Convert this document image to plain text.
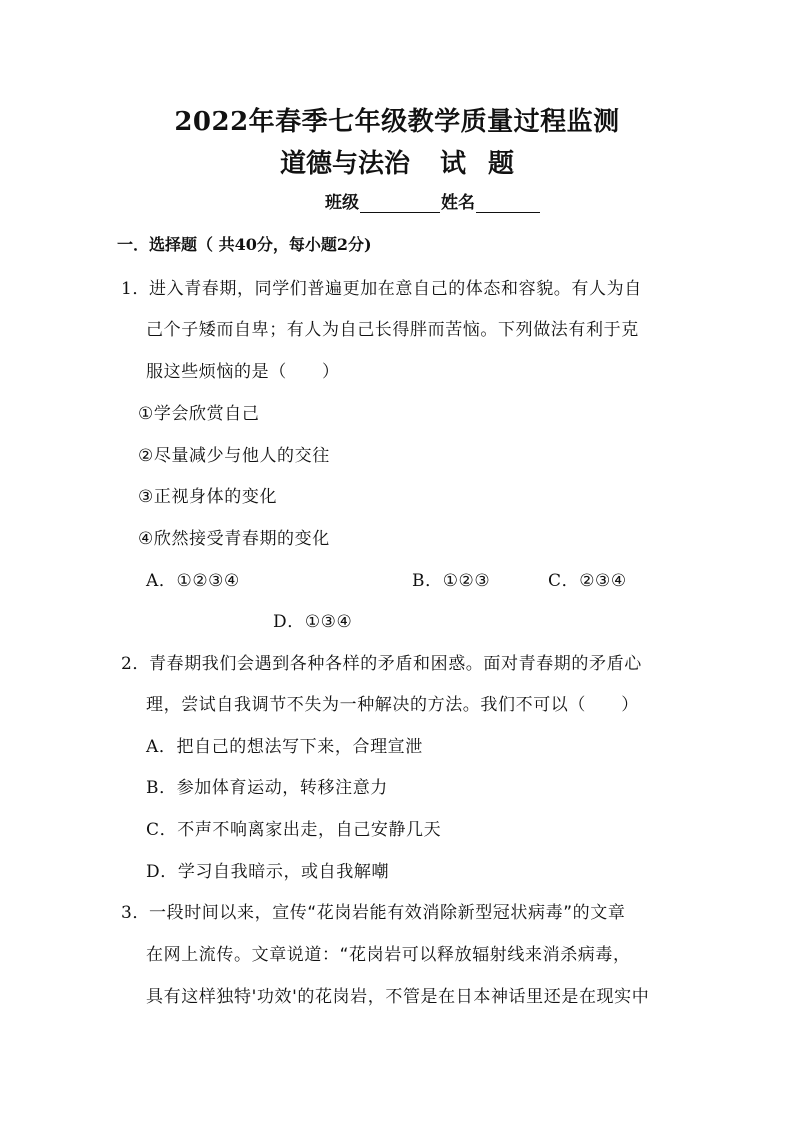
2022年春季七年级教学质量过程监测
道德与法治 试 题
班级	姓名
一．选择题（ 共40分，每小题2分)
1．
进入青春期，同学们普遍更加在意自己的体态和容貌。有人为自
己个子矮而自卑；有人为自己长得胖而苦恼。下列做法有利于克
服这些烦恼的是（　　）
①学会欣赏自己
②尽量减少与他人的交往
③正视身体的变化
④欣然接受青春期的变化
A．①②③④	B．①②③	C．②③④
D．①③④
2．
青春期我们会遇到各种各样的矛盾和困惑。面对青春期的矛盾心
理，尝试自我调节不失为一种解决的方法。我们不可以（　　）
A．把自己的想法写下来，合理宣泄
B．参加体育运动，转移注意力
C．不声不响离家出走，自己安静几天
D．学习自我暗示，或自我解嘲
3．
一段时间以来，宣传“花岗岩能有效消除新型冠状病毒”的文章
在网上流传。文章说道：“花岗岩可以释放辐射线来消杀病毒，
具有这样独特'功效'的花岗岩，不管是在日本神话里还是在现实中
